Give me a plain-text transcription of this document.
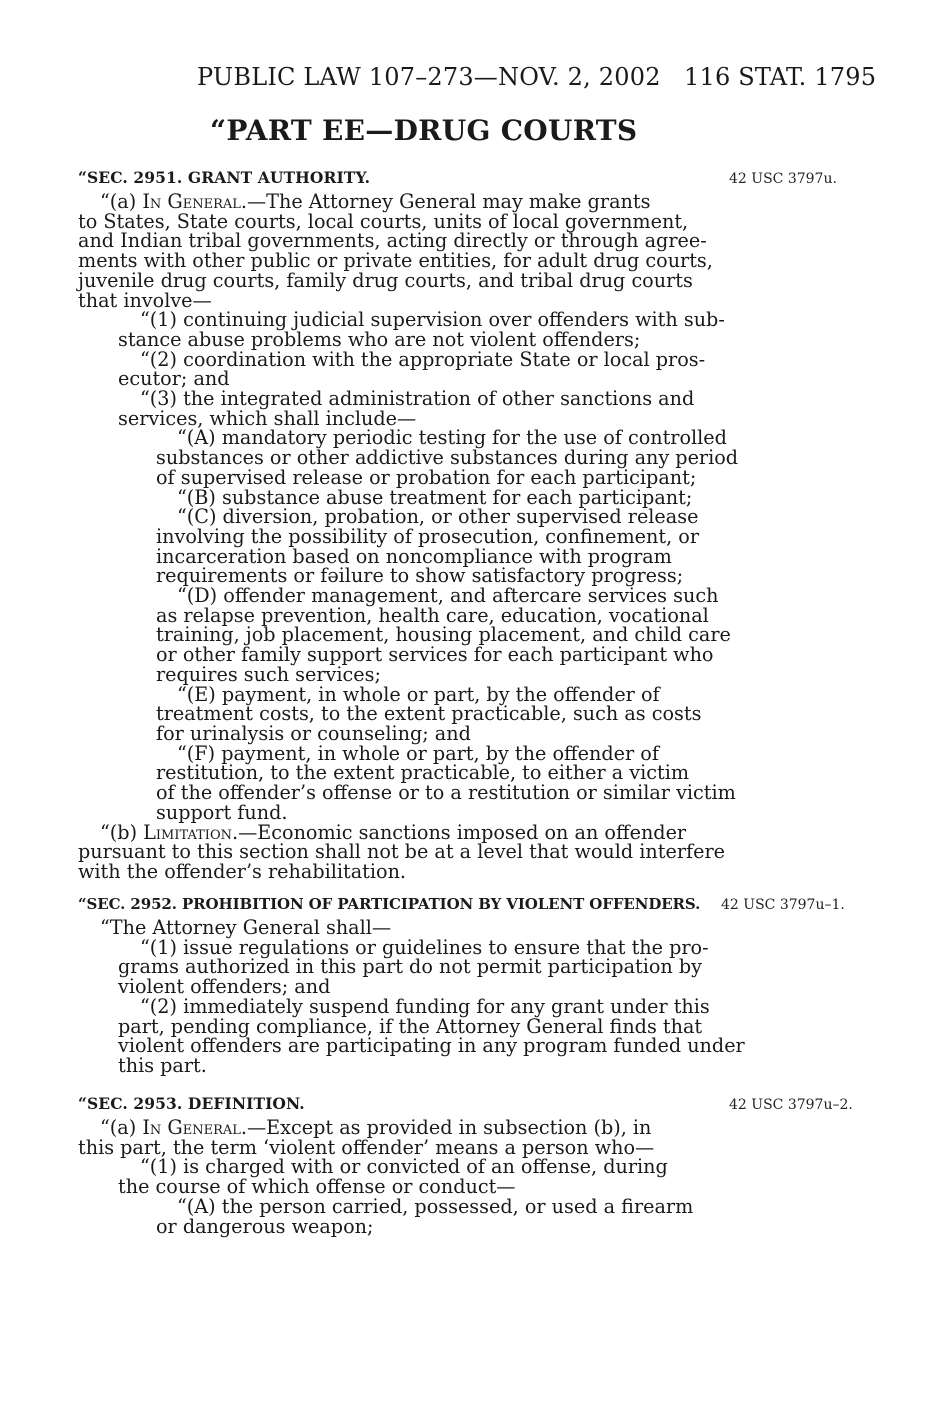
PUBLIC LAW 107–273—NOV. 2, 2002 116 STAT. 1795
“PART EE—DRUG COURTS
“SEC. 2951. GRANT AUTHORITY.	42 USC 3797u.

“(a) In General.—The Attorney General may make grants

to States, State courts, local courts, units of local government,

and Indian tribal governments, acting directly or through agree-

ments with other public or private entities, for adult drug courts,

juvenile drug courts, family drug courts, and tribal drug courts

that involve—

“(1) continuing judicial supervision over offenders with sub-

stance abuse problems who are not violent offenders;

“(2) coordination with the appropriate State or local pros-

ecutor; and

“(3) the integrated administration of other sanctions and

services, which shall include—

“(A) mandatory periodic testing for the use of controlled

substances or other addictive substances during any period

of supervised release or probation for each participant;

“(B) substance abuse treatment for each participant;

“(C) diversion, probation, or other supervised release

involving the possibility of prosecution, confinement, or

incarceration based on noncompliance with program

requirements or fəilure to show satisfactory progress;

“(D) offender management, and aftercare services such

as relapse prevention, health care, education, vocational

training, job placement, housing placement, and child care

or other family support services for each participant who

requires such services;

“(E) payment, in whole or part, by the offender of

treatment costs, to the extent practicable, such as costs

for urinalysis or counseling; and

“(F) payment, in whole or part, by the offender of

restitution, to the extent practicable, to either a victim

of the offender’s offense or to a restitution or similar victim

support fund.

“(b) Limitation.—Economic sanctions imposed on an offender

pursuant to this section shall not be at a level that would interfere

with the offender’s rehabilitation.

“SEC. 2952. PROHIBITION OF PARTICIPATION BY VIOLENT OFFENDERS. 42 USC 3797u–1.

“The Attorney General shall—

“(1) issue regulations or guidelines to ensure that the pro-

grams authorized in this part do not permit participation by

violent offenders; and

“(2) immediately suspend funding for any grant under this

part, pending compliance, if the Attorney General finds that

violent offenders are participating in any program funded under

this part.

“SEC. 2953. DEFINITION.	42 USC 3797u–2.

“(a) In General.—Except as provided in subsection (b), in

this part, the term ‘violent offender’ means a person who—

“(1) is charged with or convicted of an offense, during

the course of which offense or conduct—

“(A) the person carried, possessed, or used a firearm

or dangerous weapon;
